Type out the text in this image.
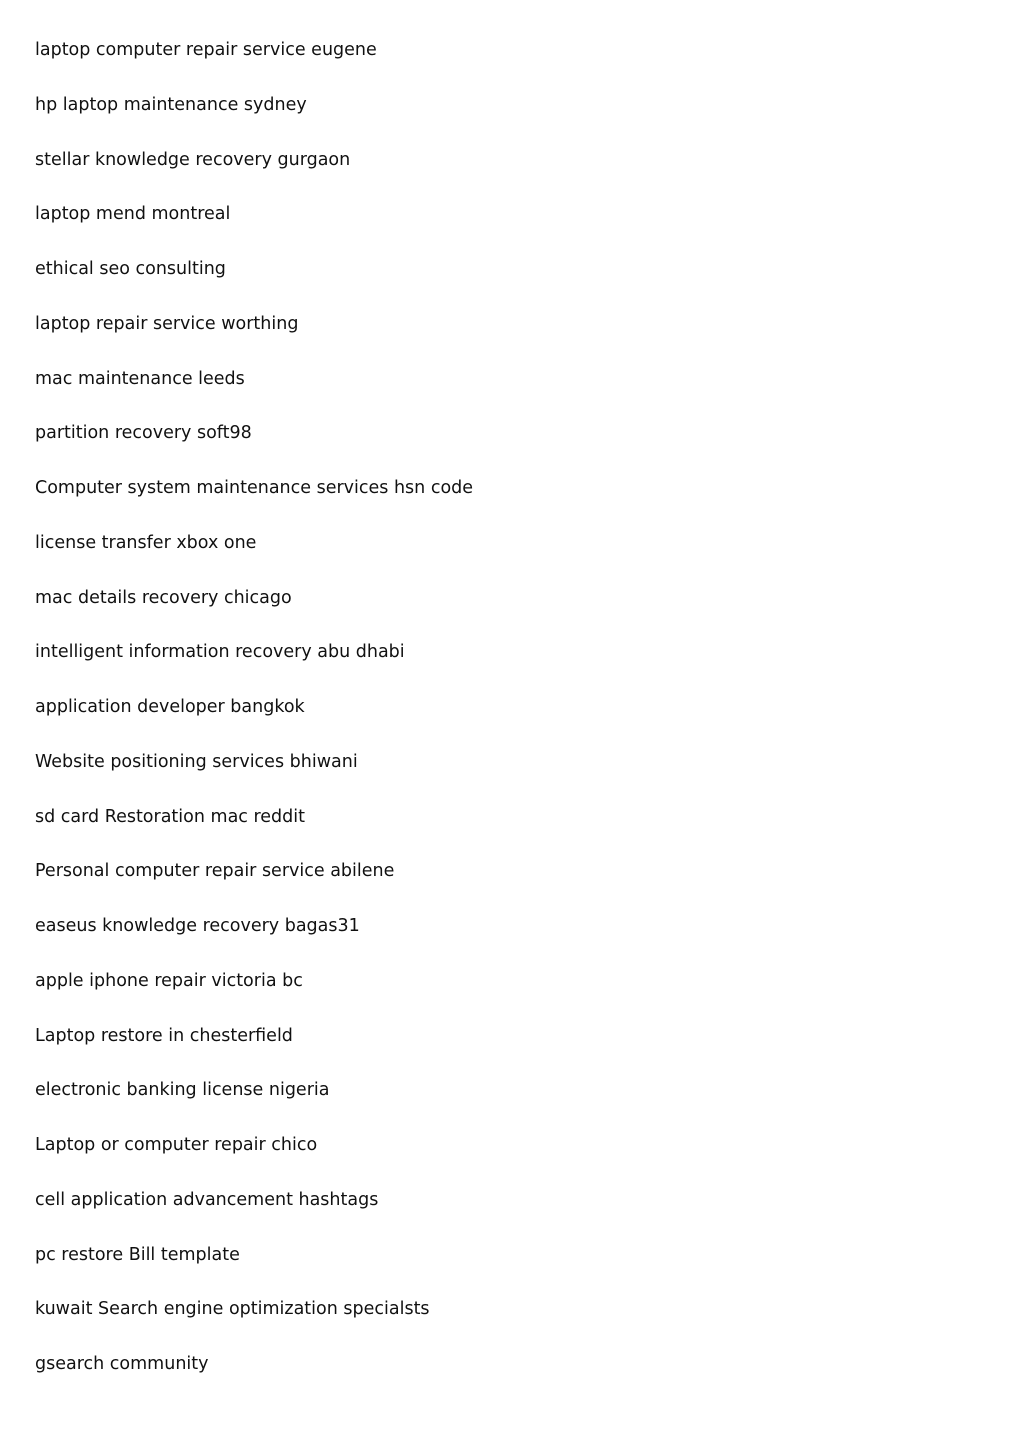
laptop computer repair service eugene
hp laptop maintenance sydney
stellar knowledge recovery gurgaon
laptop mend montreal
ethical seo consulting
laptop repair service worthing
mac maintenance leeds
partition recovery soft98
Computer system maintenance services hsn code
license transfer xbox one
mac details recovery chicago
intelligent information recovery abu dhabi
application developer bangkok
Website positioning services bhiwani
sd card Restoration mac reddit
Personal computer repair service abilene
easeus knowledge recovery bagas31
apple iphone repair victoria bc
Laptop restore in chesterfield
electronic banking license nigeria
Laptop or computer repair chico
cell application advancement hashtags
pc restore Bill template
kuwait Search engine optimization specialsts
gsearch community
